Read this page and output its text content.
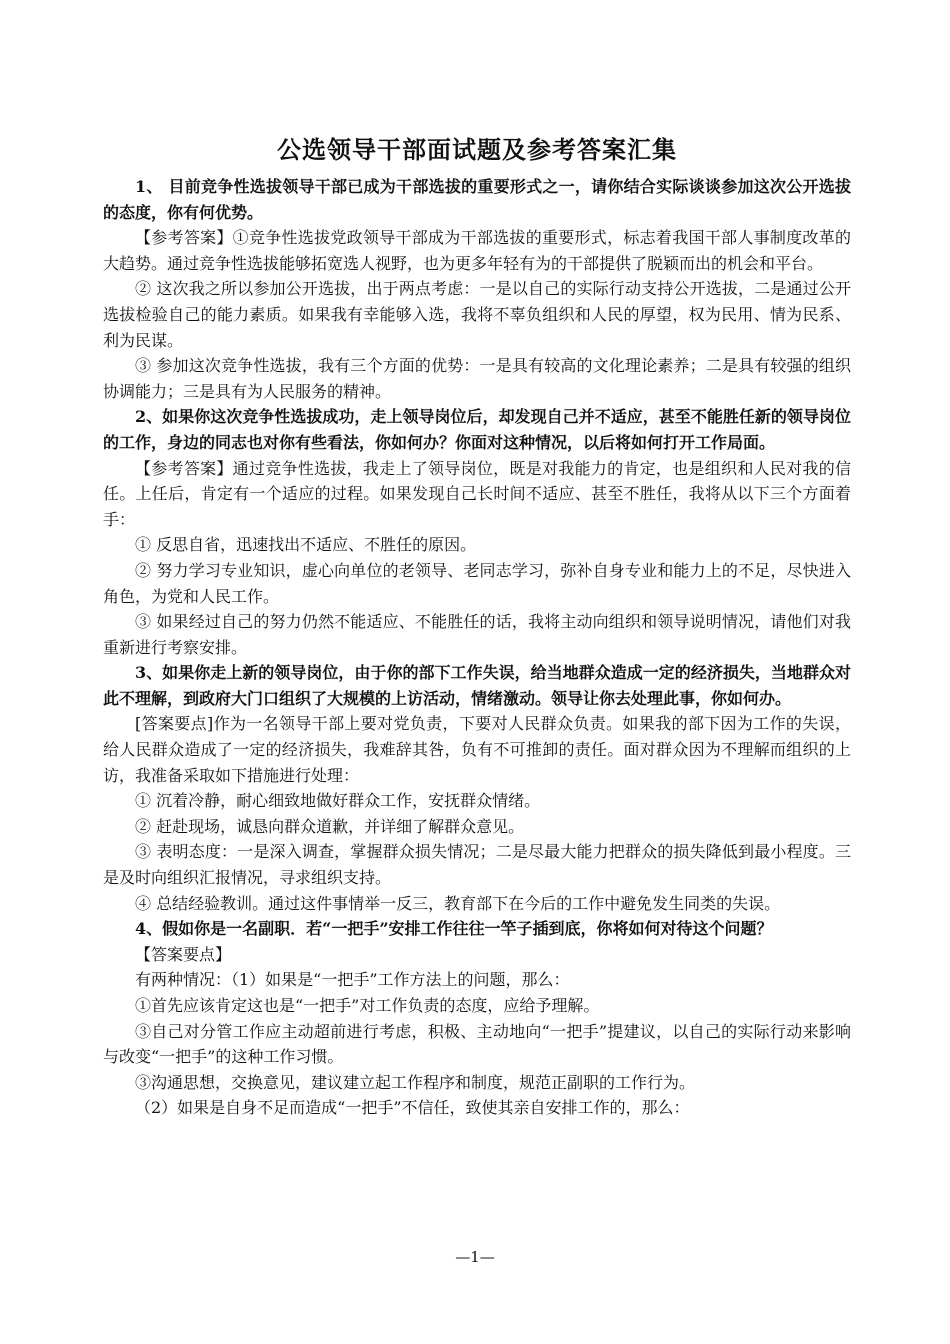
公选领导干部面试题及参考答案汇集

1、 目前竞争性选拔领导干部已成为干部选拔的重要形式之一，请你结合实际谈谈参加这次公开选拔的态度，你有何优势。

【参考答案】①竞争性选拔党政领导干部成为干部选拔的重要形式，标志着我国干部人事制度改革的大趋势。通过竞争性选拔能够拓宽选人视野，也为更多年轻有为的干部提供了脱颖而出的机会和平台。

② 这次我之所以参加公开选拔，出于两点考虑：一是以自己的实际行动支持公开选拔，二是通过公开选拔检验自己的能力素质。如果我有幸能够入选，我将不辜负组织和人民的厚望，权为民用、情为民系、利为民谋。

③ 参加这次竞争性选拔，我有三个方面的优势：一是具有较高的文化理论素养；二是具有较强的组织协调能力；三是具有为人民服务的精神。

2、如果你这次竞争性选拔成功，走上领导岗位后，却发现自己并不适应，甚至不能胜任新的领导岗位的工作，身边的同志也对你有些看法，你如何办？你面对这种情况，以后将如何打开工作局面。

【参考答案】通过竞争性选拔，我走上了领导岗位，既是对我能力的肯定，也是组织和人民对我的信任。上任后，肯定有一个适应的过程。如果发现自己长时间不适应、甚至不胜任，我将从以下三个方面着手：

① 反思自省，迅速找出不适应、不胜任的原因。

② 努力学习专业知识，虚心向单位的老领导、老同志学习，弥补自身专业和能力上的不足，尽快进入角色，为党和人民工作。

③ 如果经过自己的努力仍然不能适应、不能胜任的话，我将主动向组织和领导说明情况，请他们对我重新进行考察安排。

3、如果你走上新的领导岗位，由于你的部下工作失误，给当地群众造成一定的经济损失，当地群众对此不理解，到政府大门口组织了大规模的上访活动，情绪激动。领导让你去处理此事，你如何办。

[答案要点]作为一名领导干部上要对党负责，下要对人民群众负责。如果我的部下因为工作的失误，给人民群众造成了一定的经济损失，我难辞其咎，负有不可推卸的责任。面对群众因为不理解而组织的上访，我准备采取如下措施进行处理：

① 沉着冷静，耐心细致地做好群众工作，安抚群众情绪。

② 赶赴现场，诚恳向群众道歉，并详细了解群众意见。

③ 表明态度：一是深入调查，掌握群众损失情况；二是尽最大能力把群众的损失降低到最小程度。三是及时向组织汇报情况，寻求组织支持。

④ 总结经验教训。通过这件事情举一反三，教育部下在今后的工作中避免发生同类的失误。

4、假如你是一名副职．若“一把手”安排工作往往一竿子插到底，你将如何对待这个问题？

【答案要点】

有两种情况：（1）如果是“一把手”工作方法上的问题，那么：

①首先应该肯定这也是“一把手”对工作负责的态度，应给予理解。

③自己对分管工作应主动超前进行考虑，积极、主动地向“一把手”提建议，以自己的实际行动来影响与改变“一把手”的这种工作习惯。

③沟通思想，交换意见，建议建立起工作程序和制度，规范正副职的工作行为。

（2）如果是自身不足而造成“一把手”不信任，致使其亲自安排工作的，那么：

—1—
